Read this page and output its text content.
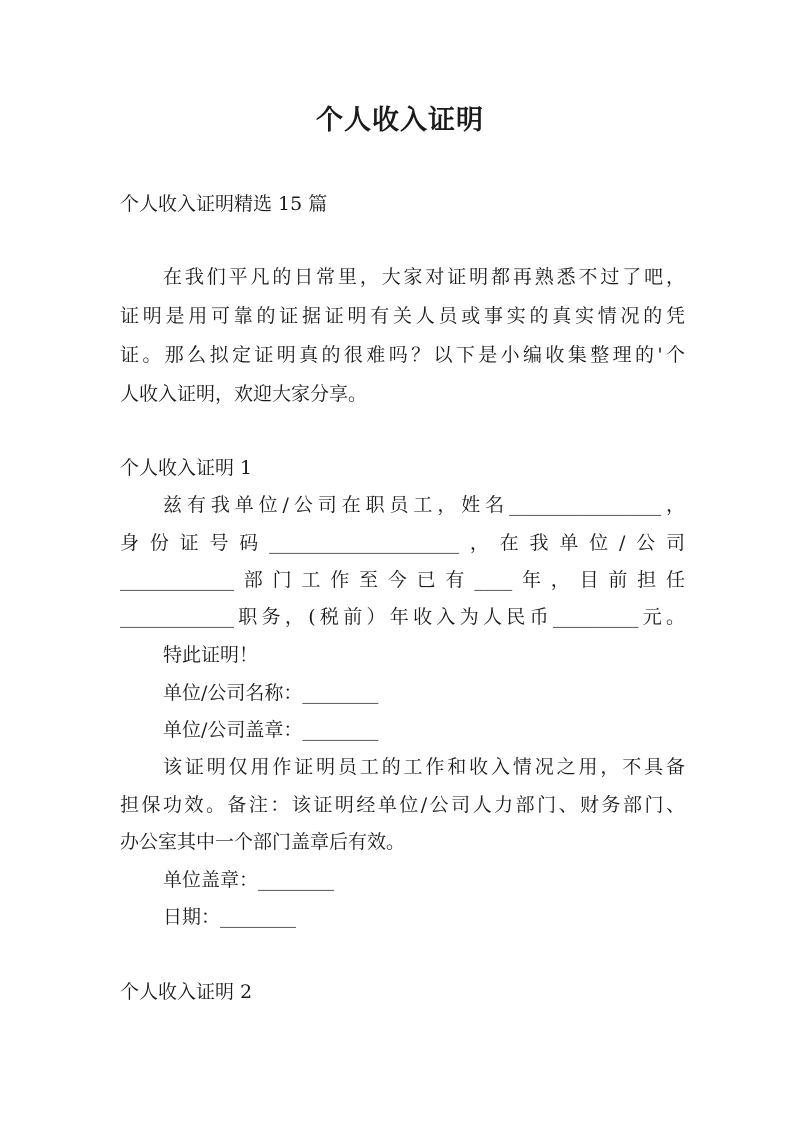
个人收入证明
个人收入证明精选 15 篇
在我们平凡的日常里，大家对证明都再熟悉不过了吧，
证明是用可靠的证据证明有关人员或事实的真实情况的凭
证。那么拟定证明真的很难吗？以下是小编收集整理的'个
人收入证明，欢迎大家分享。
个人收入证明 1
兹有我单位/公司在职员工，姓名________________，
身份证号码____________________，在我单位/公司
____________部门工作至今已有____年，目前担任
____________职务，(税前）年收入为人民币_________元。
特此证明！
单位/公司名称：________
单位/公司盖章：________
该证明仅用作证明员工的工作和收入情况之用，不具备
担保功效。备注：该证明经单位/公司人力部门、财务部门、
办公室其中一个部门盖章后有效。
单位盖章：________
日期：________
个人收入证明 2
